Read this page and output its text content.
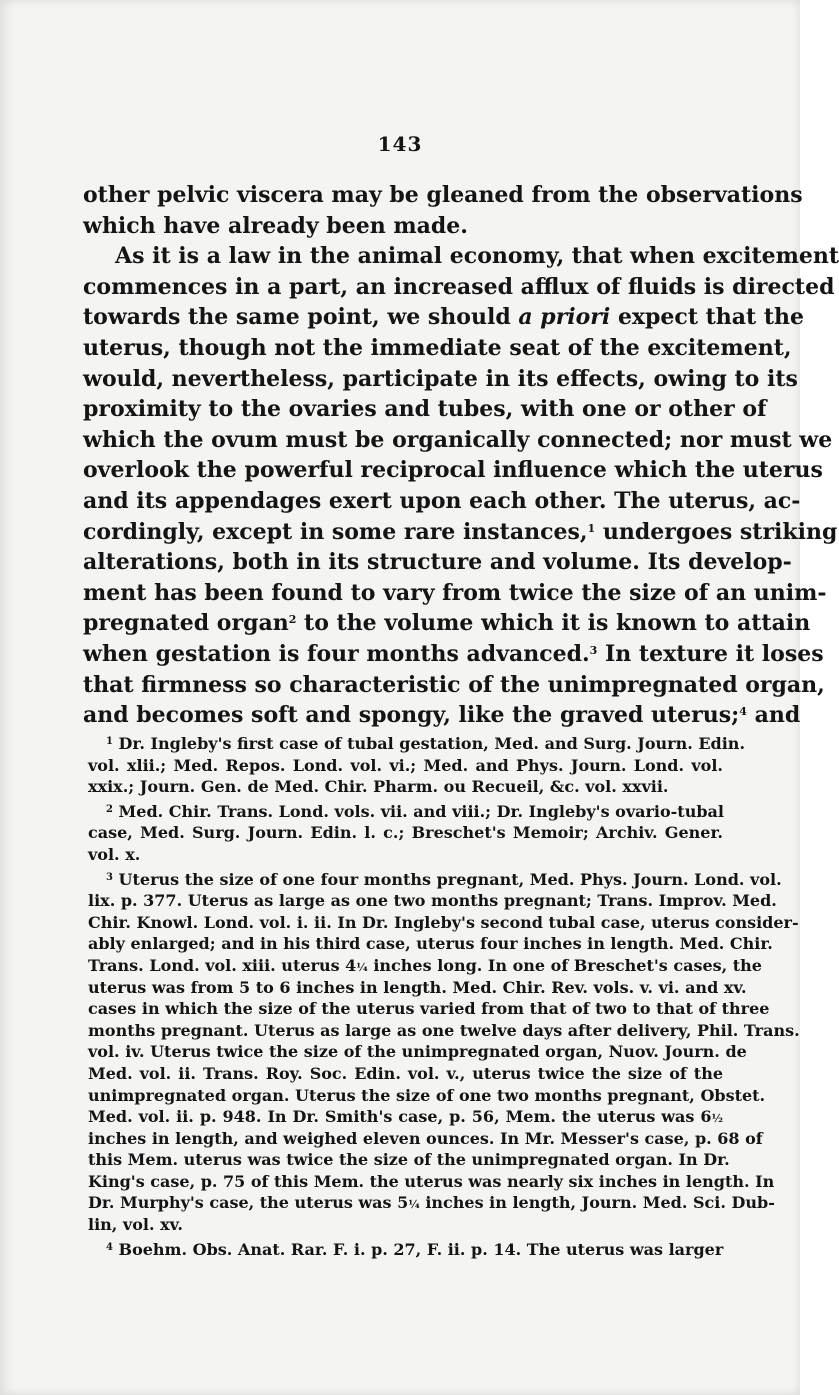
143
other pelvic viscera may be gleaned from the observations
which have already been made.
As it is a law in the animal economy, that when excitement
commences in a part, an increased afflux of fluids is directed
towards the same point, we should a priori expect that the
uterus, though not the immediate seat of the excitement,
would, nevertheless, participate in its effects, owing to its
proximity to the ovaries and tubes, with one or other of
which the ovum must be organically connected; nor must we
overlook the powerful reciprocal influence which the uterus
and its appendages exert upon each other. The uterus, ac-
cordingly, except in some rare instances,$^1$ undergoes striking
alterations, both in its structure and volume. Its develop-
ment has been found to vary from twice the size of an unim-
pregnated organ$^2$ to the volume which it is known to attain
when gestation is four months advanced.$^3$ In texture it loses
that firmness so characteristic of the unimpregnated organ,
and becomes soft and spongy, like the graved uterus;$^4$ and
$^1$ Dr. Ingleby's first case of tubal gestation, Med. and Surg. Journ. Edin.
vol. xlii.; Med. Repos. Lond. vol. vi.; Med. and Phys. Journ. Lond. vol.
xxix.; Journ. Gen. de Med. Chir. Pharm. ou Recueil, &c. vol. xxvii.
$^2$ Med. Chir. Trans. Lond. vols. vii. and viii.; Dr. Ingleby's ovario-tubal
case, Med. Surg. Journ. Edin. l. c.; Breschet's Memoir; Archiv. Gener.
vol. x.
$^3$ Uterus the size of one four months pregnant, Med. Phys. Journ. Lond. vol.
lix. p. 377. Uterus as large as one two months pregnant; Trans. Improv. Med.
Chir. Knowl. Lond. vol. i. ii. In Dr. Ingleby's second tubal case, uterus consider-
ably enlarged; and in his third case, uterus four inches in length. Med. Chir.
Trans. Lond. vol. xiii. uterus 4¼ inches long. In one of Breschet's cases, the
uterus was from 5 to 6 inches in length. Med. Chir. Rev. vols. v. vi. and xv.
cases in which the size of the uterus varied from that of two to that of three
months pregnant. Uterus as large as one twelve days after delivery, Phil. Trans.
vol. iv. Uterus twice the size of the unimpregnated organ, Nuov. Journ. de
Med. vol. ii. Trans. Roy. Soc. Edin. vol. v., uterus twice the size of the
unimpregnated organ. Uterus the size of one two months pregnant, Obstet.
Med. vol. ii. p. 948. In Dr. Smith's case, p. 56, Mem. the uterus was 6½
inches in length, and weighed eleven ounces. In Mr. Messer's case, p. 68 of
this Mem. uterus was twice the size of the unimpregnated organ. In Dr.
King's case, p. 75 of this Mem. the uterus was nearly six inches in length. In
Dr. Murphy's case, the uterus was 5¼ inches in length, Journ. Med. Sci. Dub-
lin, vol. xv.
$^4$ Boehm. Obs. Anat. Rar. F. i. p. 27, F. ii. p. 14. The uterus was larger
